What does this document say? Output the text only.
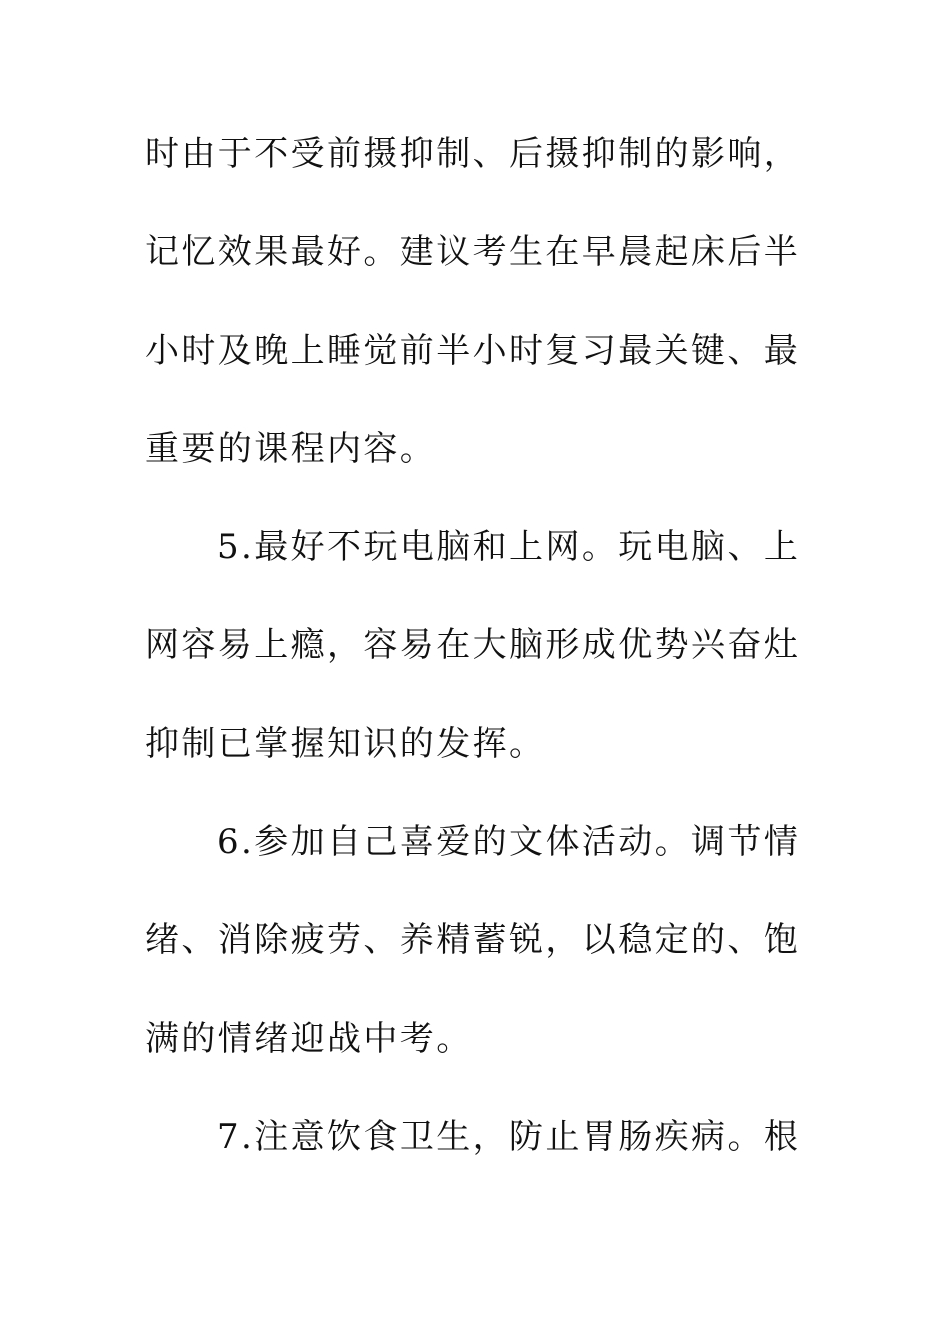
时由于不受前摄抑制、后摄抑制的影响，
记忆效果最好。建议考生在早晨起床后半
小时及晚上睡觉前半小时复习最关键、最
重要的课程内容。
5.最好不玩电脑和上网。玩电脑、上
网容易上瘾，容易在大脑形成优势兴奋灶
抑制已掌握知识的发挥。
6.参加自己喜爱的文体活动。调节情
绪、消除疲劳、养精蓄锐，以稳定的、饱
满的情绪迎战中考。
7.注意饮食卫生，防止胃肠疾病。根
